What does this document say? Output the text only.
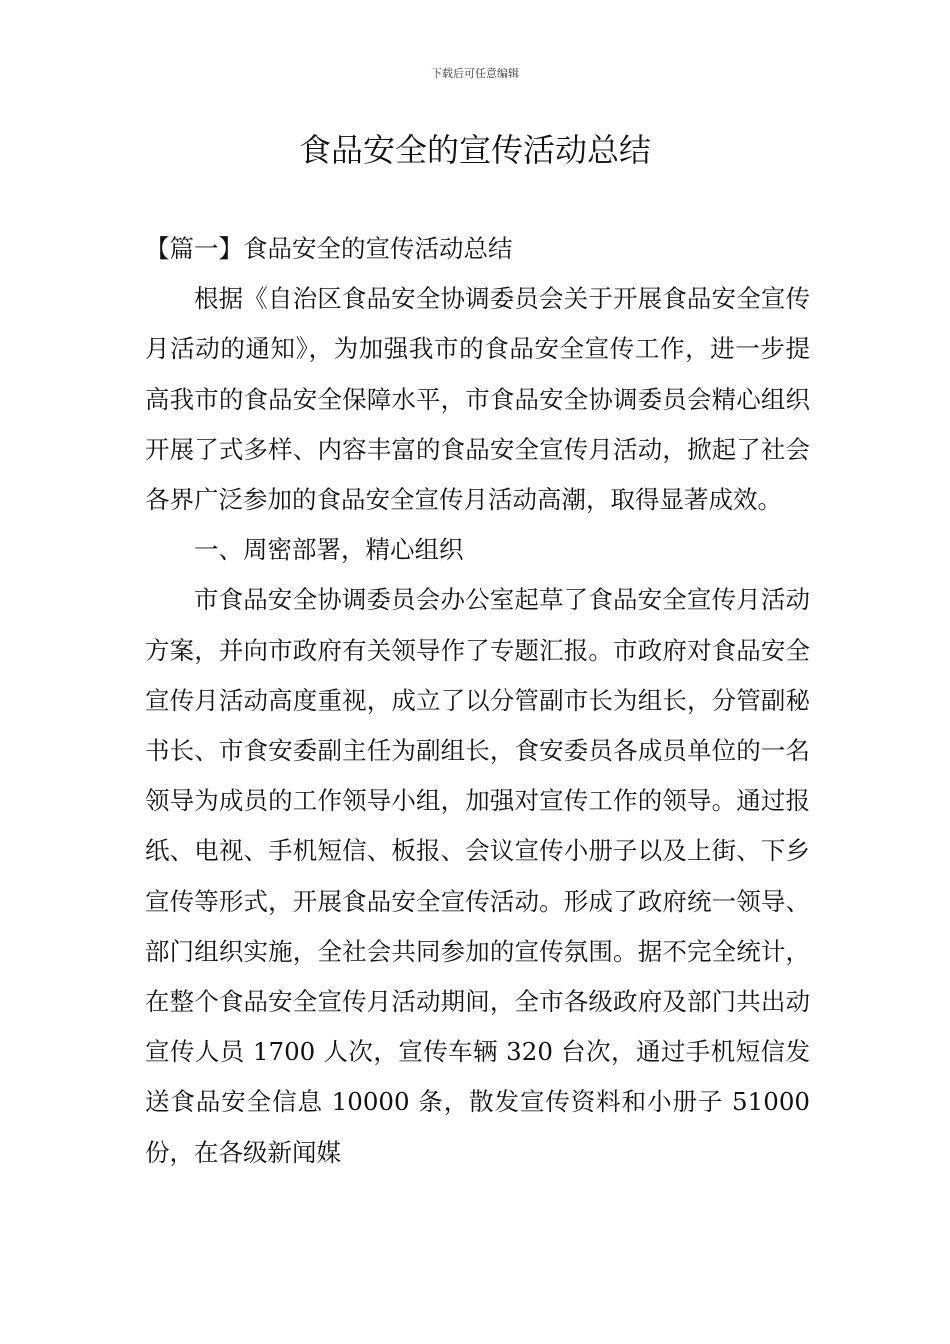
下载后可任意编辑
食品安全的宣传活动总结

【篇一】食品安全的宣传活动总结

根据《自治区食品安全协调委员会关于开展食品安全宣传月活动的通知》，为加强我市的食品安全宣传工作，进一步提高我市的食品安全保障水平，市食品安全协调委员会精心组织开展了式多样、内容丰富的食品安全宣传月活动，掀起了社会各界广泛参加的食品安全宣传月活动高潮，取得显著成效。

一、周密部署，精心组织

市食品安全协调委员会办公室起草了食品安全宣传月活动方案，并向市政府有关领导作了专题汇报。市政府对食品安全宣传月活动高度重视，成立了以分管副市长为组长，分管副秘书长、市食安委副主任为副组长，食安委员各成员单位的一名领导为成员的工作领导小组，加强对宣传工作的领导。通过报纸、电视、手机短信、板报、会议宣传小册子以及上街、下乡宣传等形式，开展食品安全宣传活动。形成了政府统一领导、部门组织实施，全社会共同参加的宣传氛围。据不完全统计，在整个食品安全宣传月活动期间，全市各级政府及部门共出动宣传人员 1700 人次，宣传车辆 320 台次，通过手机短信发送食品安全信息 10000 条，散发宣传资料和小册子 51000 份，在各级新闻媒
